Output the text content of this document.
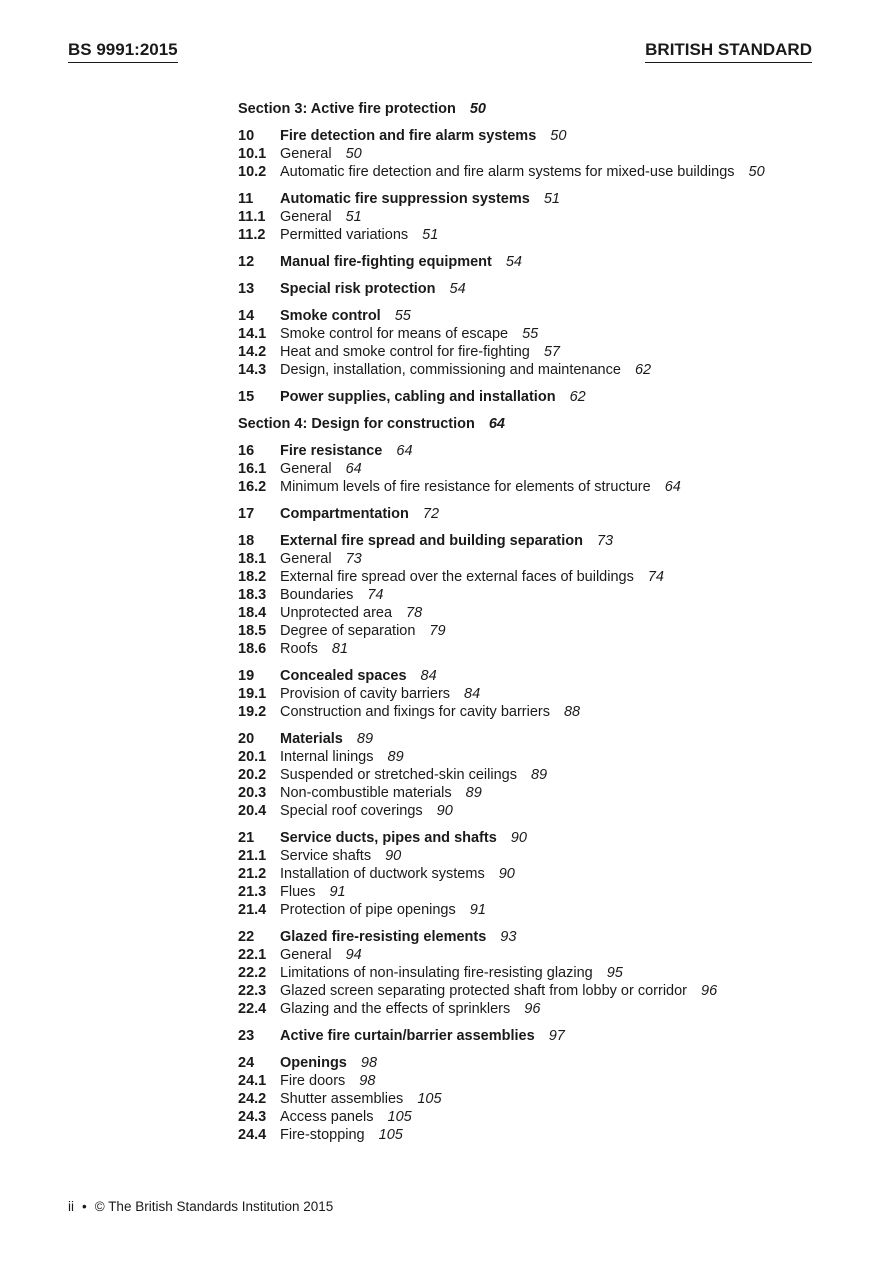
BS 9991:2015	BRITISH STANDARD
Section 3: Active fire protection 50
10	Fire detection and fire alarm systems 50
10.1 General 50
10.2 Automatic fire detection and fire alarm systems for mixed-use buildings 50
11	Automatic fire suppression systems 51
11.1	General 51
11.2	Permitted variations 51
12	Manual fire-fighting equipment 54
13	Special risk protection 54
14	Smoke control 55
14.1 Smoke control for means of escape 55
14.2 Heat and smoke control for fire-fighting 57
14.3 Design, installation, commissioning and maintenance 62
15	Power supplies, cabling and installation 62
Section 4: Design for construction 64
16	Fire resistance 64
16.1 General 64
16.2 Minimum levels of fire resistance for elements of structure 64
17	Compartmentation 72
18	External fire spread and building separation 73
18.1 General 73
18.2 External fire spread over the external faces of buildings 74
18.3 Boundaries 74
18.4 Unprotected area 78
18.5 Degree of separation 79
18.6 Roofs 81
19	Concealed spaces 84
19.1 Provision of cavity barriers 84
19.2 Construction and fixings for cavity barriers 88
20	Materials 89
20.1 Internal linings 89
20.2 Suspended or stretched-skin ceilings 89
20.3 Non-combustible materials 89
20.4 Special roof coverings 90
21	Service ducts, pipes and shafts 90
21.1 Service shafts 90
21.2 Installation of ductwork systems 90
21.3 Flues 91
21.4 Protection of pipe openings 91
22	Glazed fire-resisting elements 93
22.1 General 94
22.2 Limitations of non-insulating fire-resisting glazing 95
22.3 Glazed screen separating protected shaft from lobby or corridor 96
22.4 Glazing and the effects of sprinklers 96
23	Active fire curtain/barrier assemblies 97
24	Openings 98
24.1 Fire doors 98
24.2 Shutter assemblies 105
24.3 Access panels 105
24.4 Fire-stopping 105
ii • © The British Standards Institution 2015
